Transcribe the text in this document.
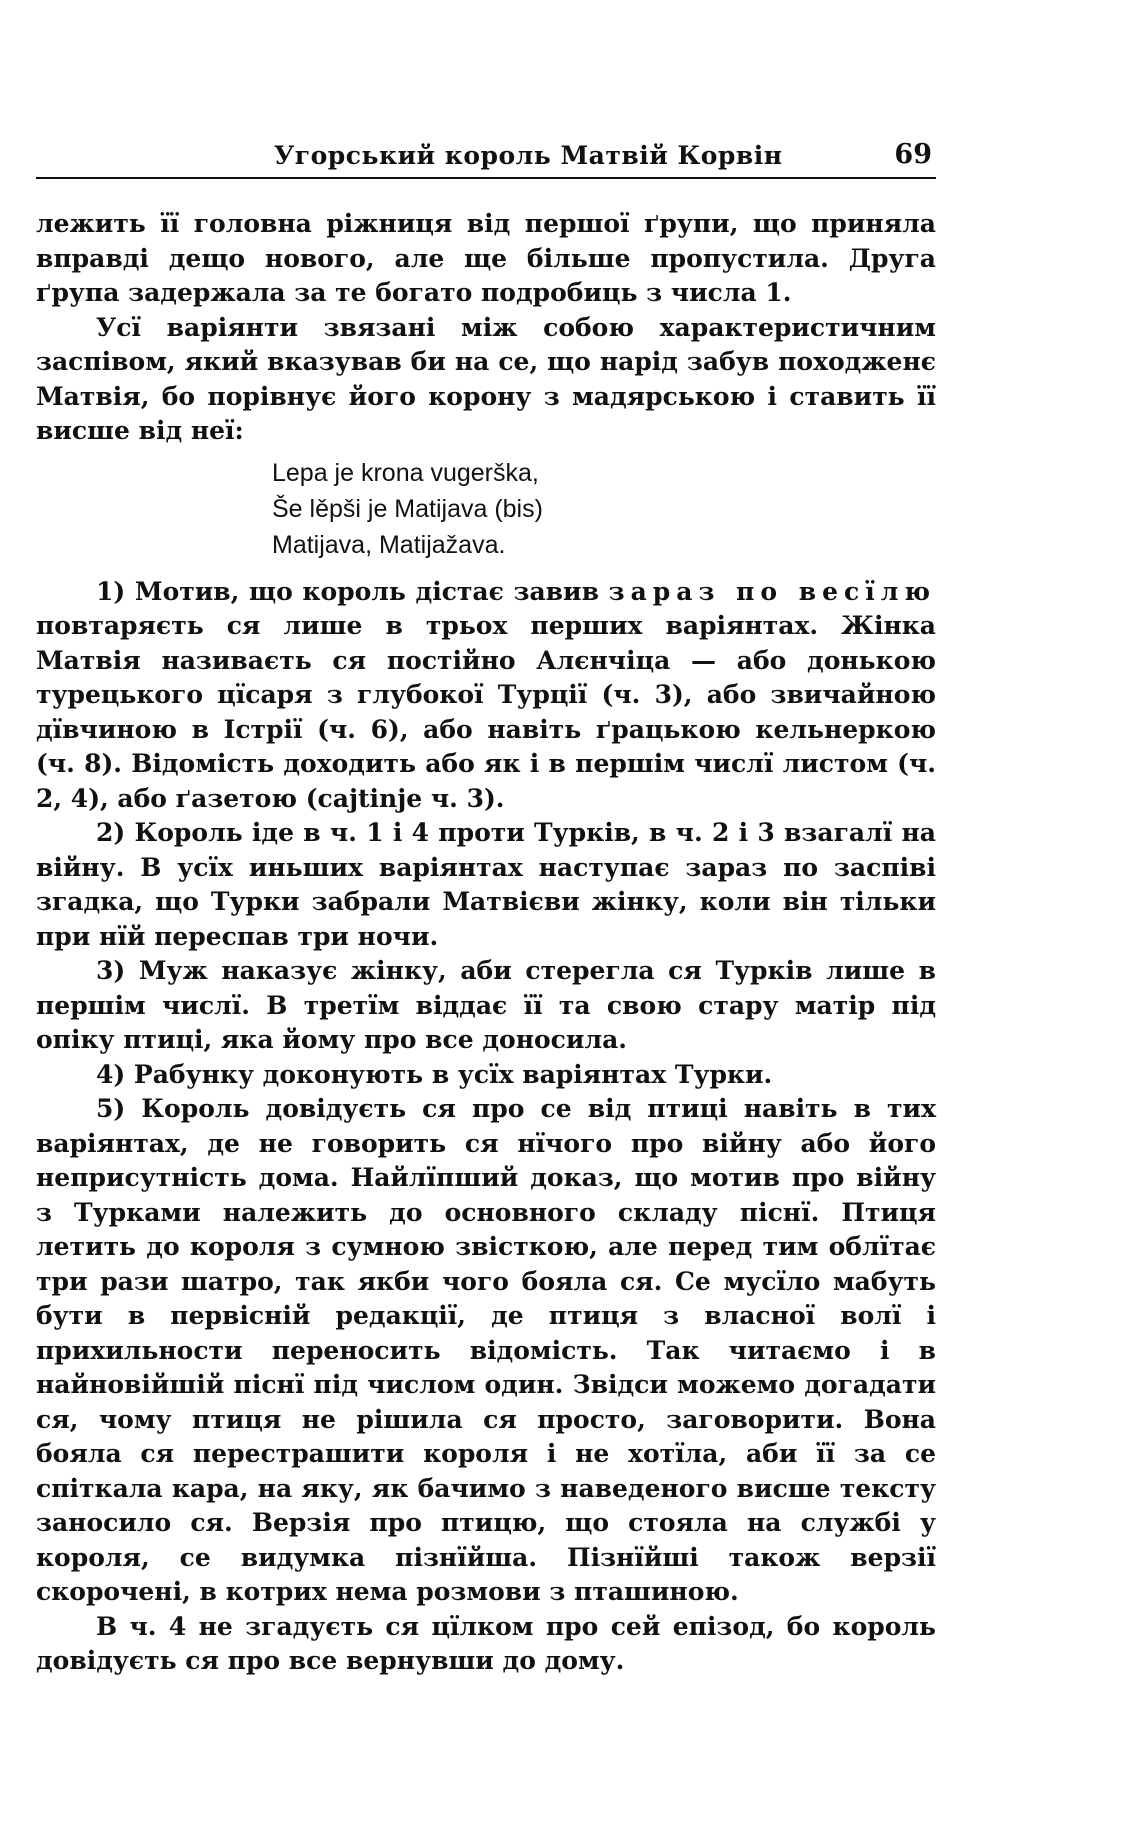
Угорський король Матвій Корвін	69

лежить її головна ріжниця від першої ґрупи, що приняла вправді дещо нового, але ще більше пропустила. Друга ґрупа задержала за те богато подробиць з числа 1.

Усї варіянти звязані між собою характеристичним заспівом, який вказував би на се, що нарід забув походженє Матвія, бо порівнує його корону з мадярською і ставить її висше від неї:

Lepa je krona vugerška,
Še lěpši je Matijava (bis)
Matijava, Matijažava.

1) Мотив, що король дістає завив зараз по весїлю повтаряєть ся лише в трьох перших варіянтах. Жінка Матвія називаєть ся постійно Алєнчіца — або донькою турецького цїсаря з глубокої Турції (ч. 3), або звичайною дївчиною в Істрії (ч. 6), або навіть ґрацькою кельнеркою (ч. 8). Відомість доходить або як і в першім числї листом (ч. 2, 4), або ґазетою (cajtinje ч. 3).

2) Король іде в ч. 1 і 4 проти Турків, в ч. 2 і 3 взагалї на війну. В усїх иньших варіянтах наступає зараз по заспіві згадка, що Турки забрали Матвієви жінку, коли він тільки при нїй переспав три ночи.

3) Муж наказує жінку, аби стерегла ся Турків лише в першім числї. В третїм віддає її та свою стару матір під опіку птиці, яка йому про все доносила.

4) Рабунку доконують в усїх варіянтах Турки.

5) Король довідуєть ся про се від птиці навіть в тих варіянтах, де не говорить ся нїчого про війну або його неприсутність дома. Найлїпший доказ, що мотив про війну з Турками належить до основного складу піснї. Птиця летить до короля з сумною звісткою, але перед тим облїтає три рази шатро, так якби чого бояла ся. Се мусїло мабуть бути в первісній редакції, де птиця з власної волї і прихильности переносить відомість. Так читаємо і в найновійшій піснї під числом один. Звідси можемо догадати ся, чому птиця не рішила ся просто, заговорити. Вона бояла ся перестрашити короля і не хотїла, аби її за се спіткала кара, на яку, як бачимо з наведеного висше тексту заносило ся. Верзія про птицю, що стояла на службі у короля, се видумка пізнїйша. Пізнїйші також верзії скорочені, в котрих нема розмови з пташиною.

В ч. 4 не згадуєть ся цїлком про сей епізод, бо король довідуєть ся про все вернувши до дому.
